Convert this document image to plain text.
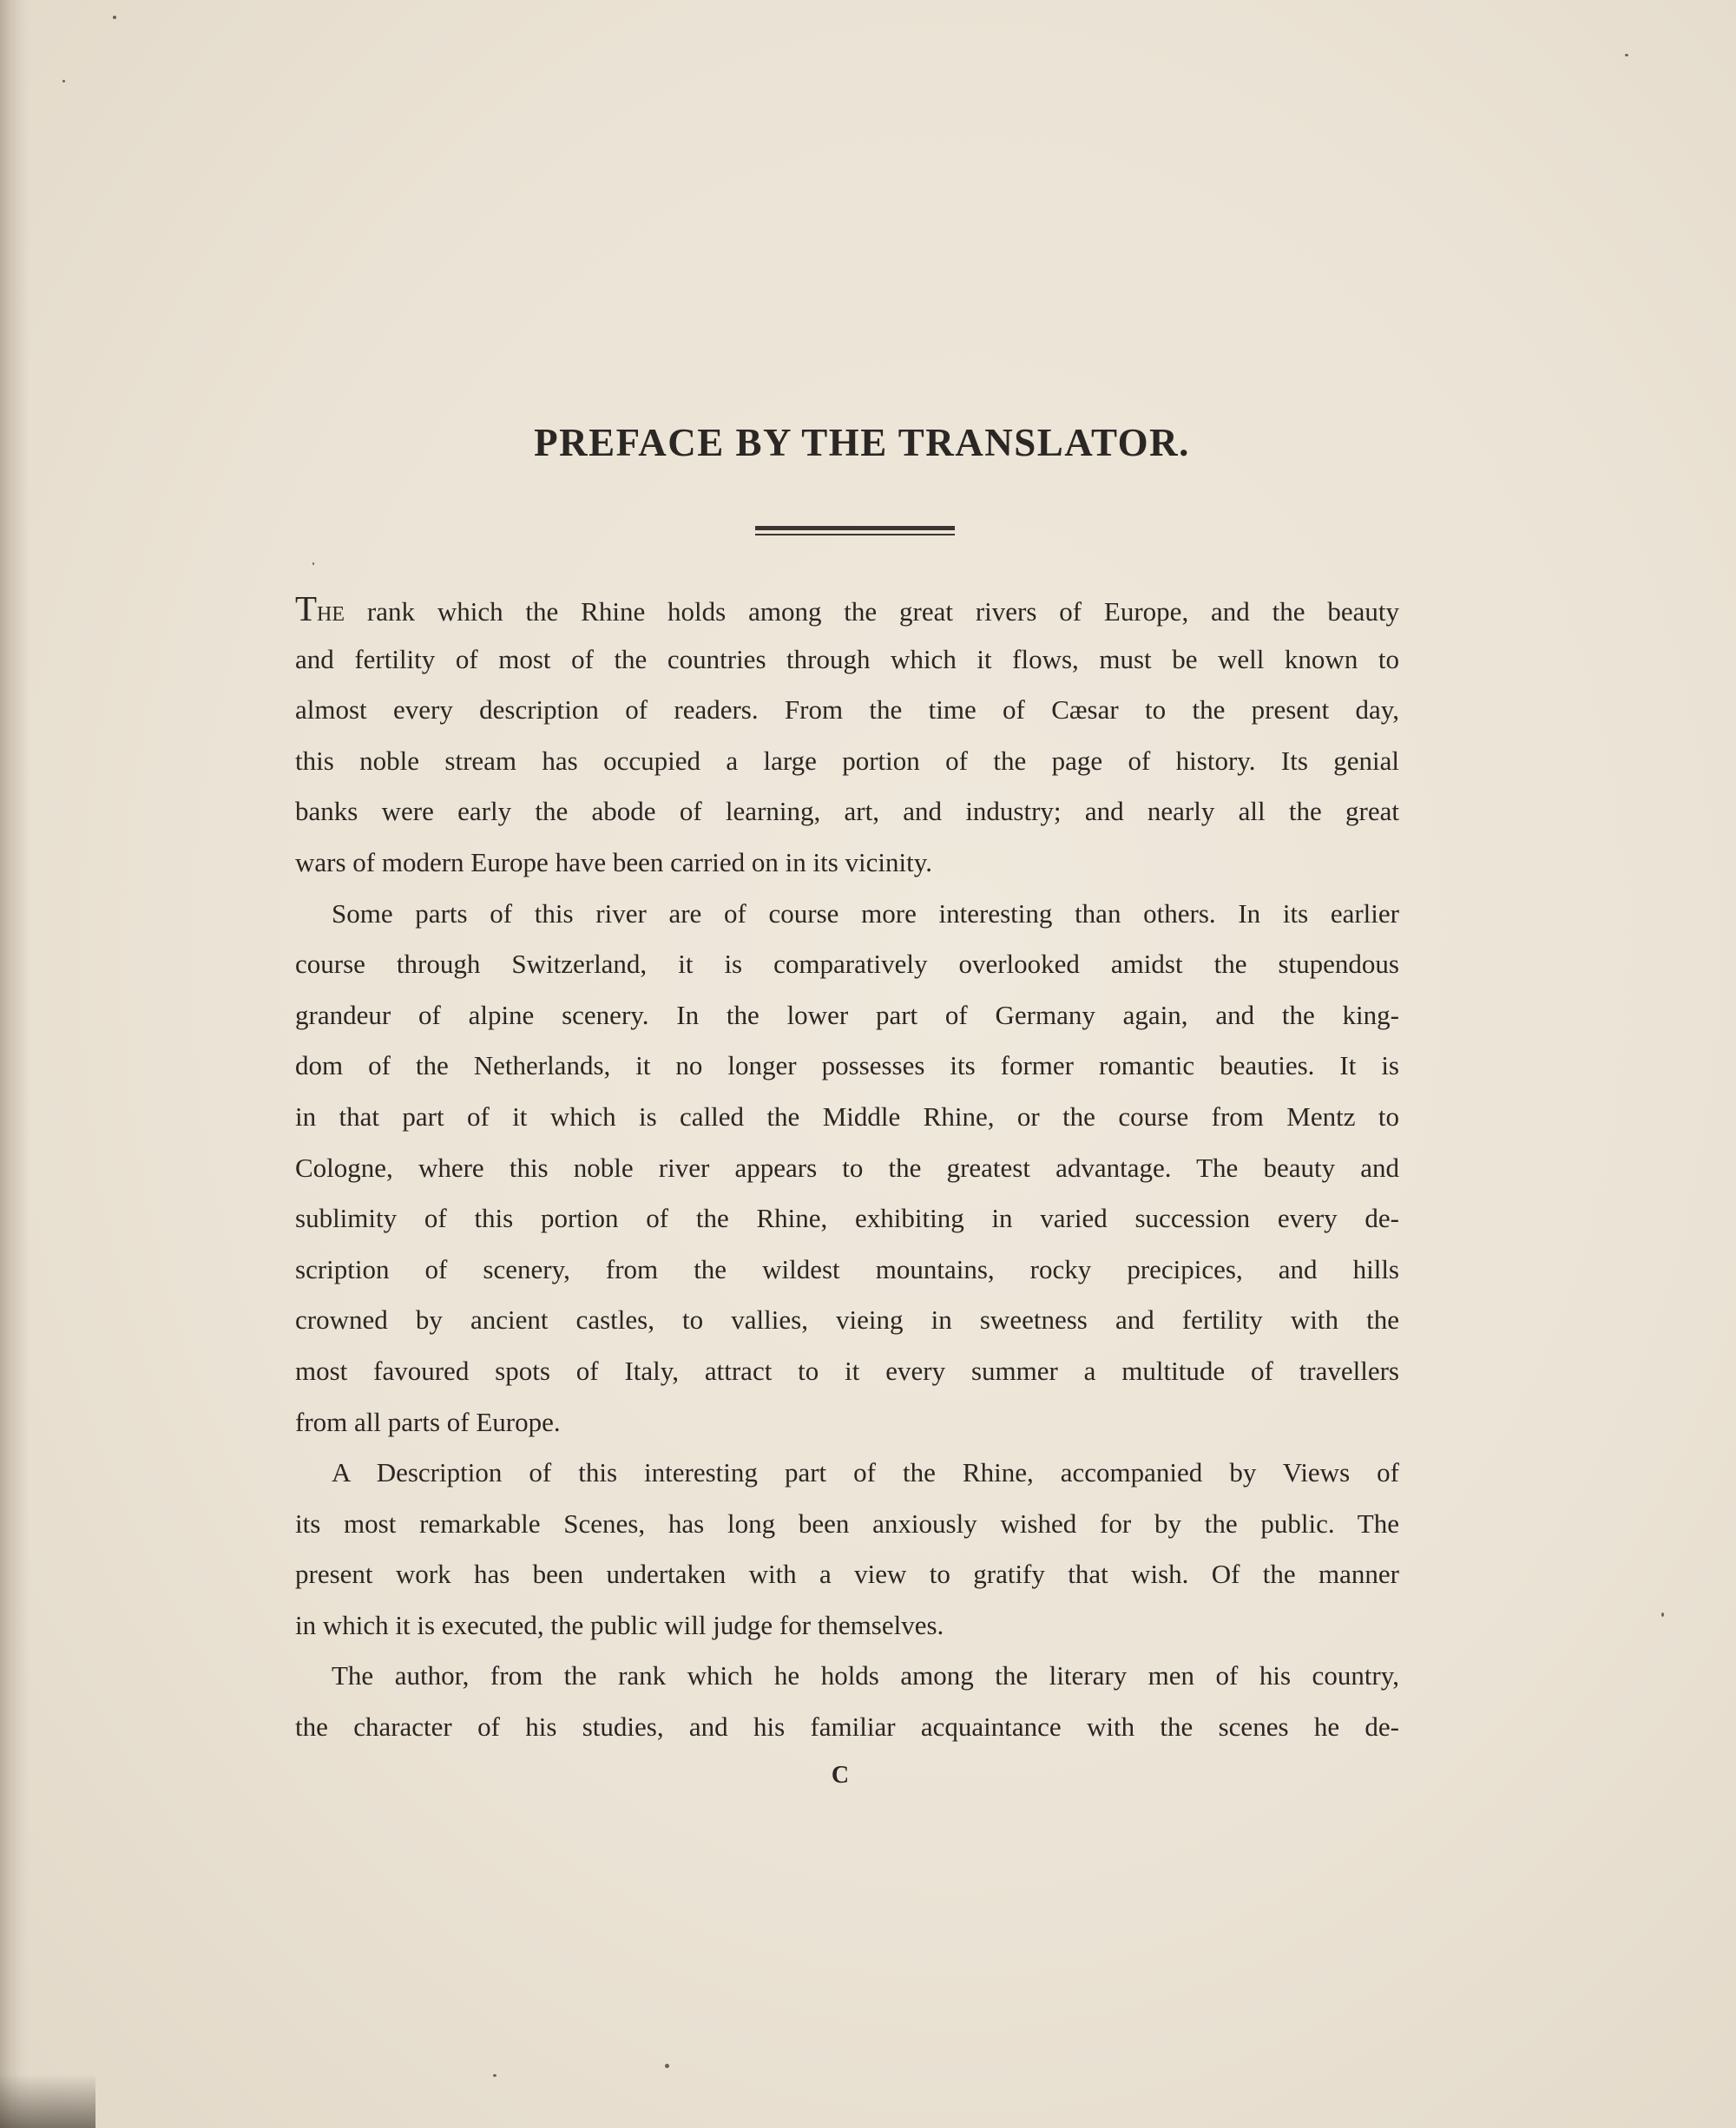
PREFACE BY THE TRANSLATOR.
THE rank which the Rhine holds among the great rivers of Europe, and the beauty
and fertility of most of the countries through which it flows, must be well known to
almost every description of readers. From the time of Cæsar to the present day,
this noble stream has occupied a large portion of the page of history. Its genial
banks were early the abode of learning, art, and industry; and nearly all the great
wars of modern Europe have been carried on in its vicinity.
Some parts of this river are of course more interesting than others. In its earlier
course through Switzerland, it is comparatively overlooked amidst the stupendous
grandeur of alpine scenery. In the lower part of Germany again, and the king-
dom of the Netherlands, it no longer possesses its former romantic beauties. It is
in that part of it which is called the Middle Rhine, or the course from Mentz to
Cologne, where this noble river appears to the greatest advantage. The beauty and
sublimity of this portion of the Rhine, exhibiting in varied succession every de-
scription of scenery, from the wildest mountains, rocky precipices, and hills
crowned by ancient castles, to vallies, vieing in sweetness and fertility with the
most favoured spots of Italy, attract to it every summer a multitude of travellers
from all parts of Europe.
A Description of this interesting part of the Rhine, accompanied by Views of
its most remarkable Scenes, has long been anxiously wished for by the public. The
present work has been undertaken with a view to gratify that wish. Of the manner
in which it is executed, the public will judge for themselves.
The author, from the rank which he holds among the literary men of his country,
the character of his studies, and his familiar acquaintance with the scenes he de-
C
